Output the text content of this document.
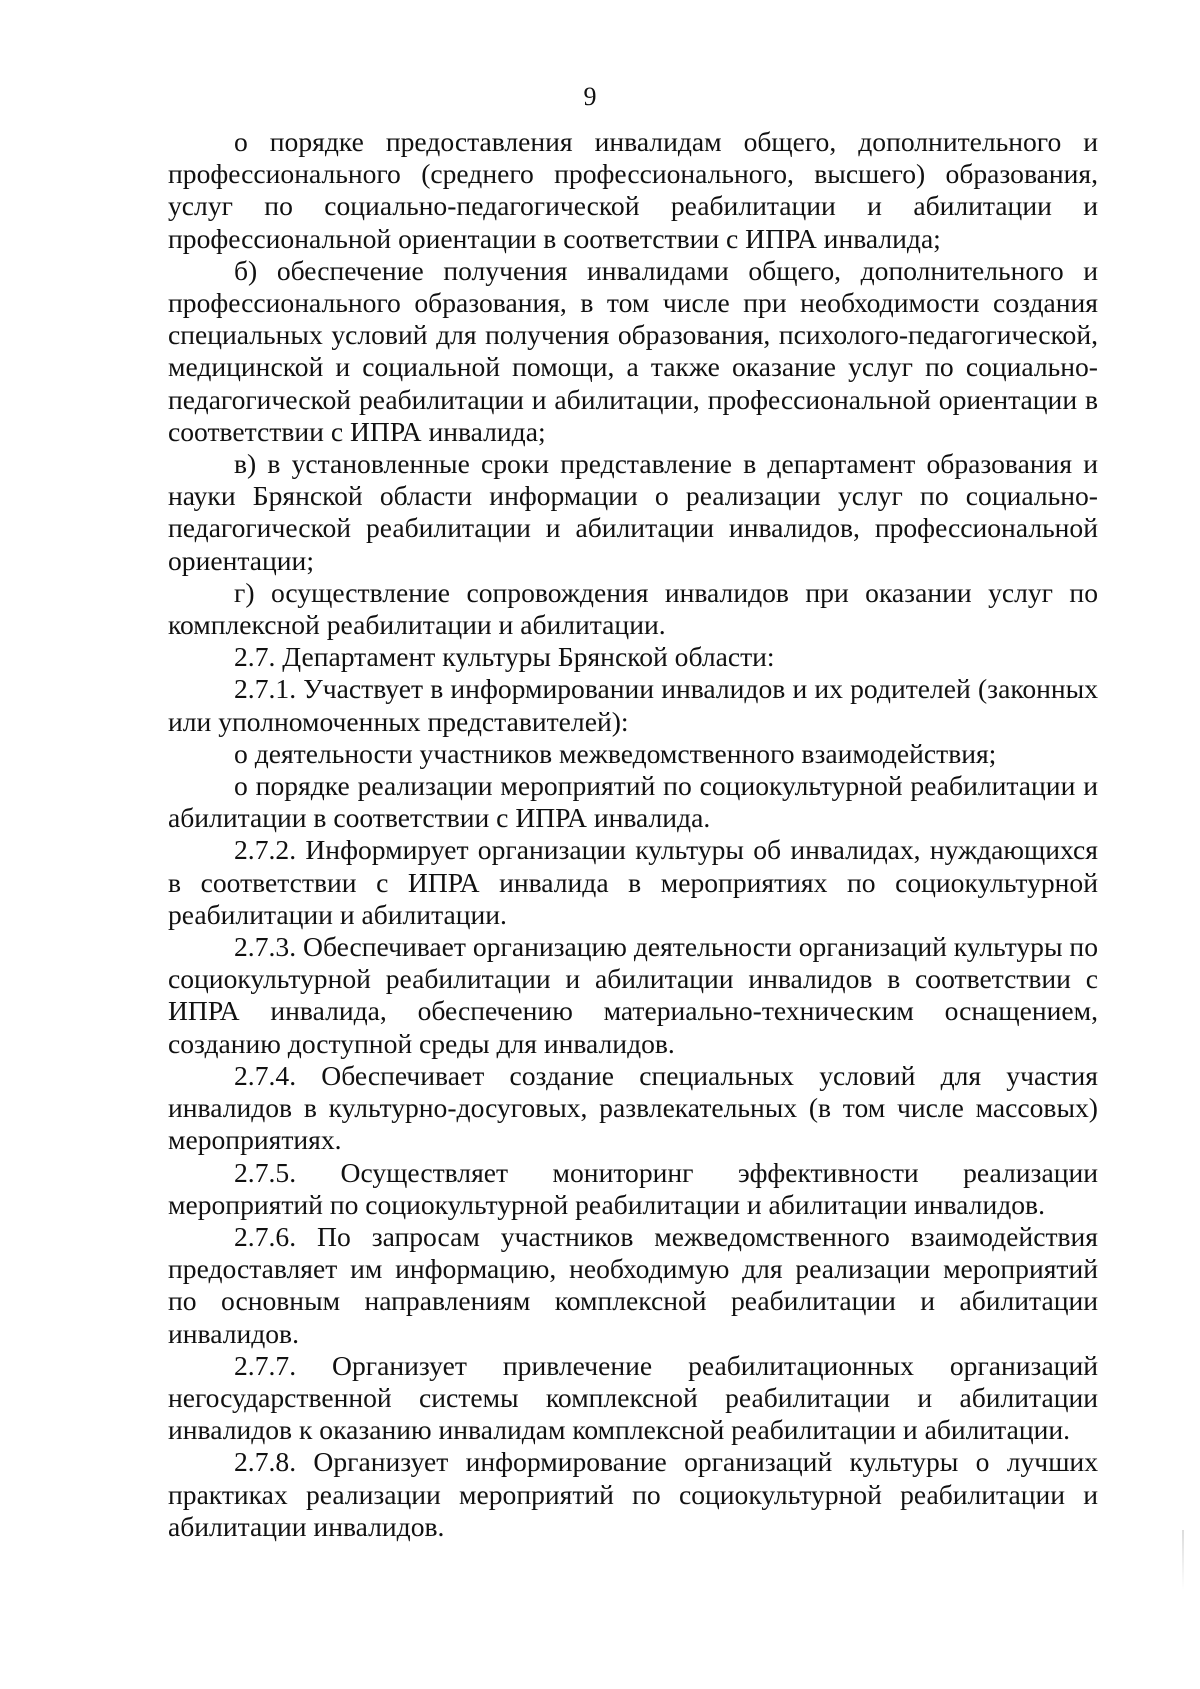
9

о порядке предоставления инвалидам общего, дополнительного и профессионального (среднего профессионального, высшего) образования, услуг по социально-педагогической реабилитации и абилитации и профессиональной ориентации в соответствии с ИПРА инвалида;

б) обеспечение получения инвалидами общего, дополнительного и профессионального образования, в том числе при необходимости создания специальных условий для получения образования, психолого-педагогической, медицинской и социальной помощи, а также оказание услуг по социально-педагогической реабилитации и абилитации, профессиональной ориентации в соответствии с ИПРА инвалида;

в) в установленные сроки представление в департамент образования и науки Брянской области информации о реализации услуг по социально-педагогической реабилитации и абилитации инвалидов, профессиональной ориентации;

г) осуществление сопровождения инвалидов при оказании услуг по комплексной реабилитации и абилитации.

2.7. Департамент культуры Брянской области:

2.7.1. Участвует в информировании инвалидов и их родителей (законных или уполномоченных представителей):

о деятельности участников межведомственного взаимодействия;

о порядке реализации мероприятий по социокультурной реабилитации и абилитации в соответствии с ИПРА инвалида.

2.7.2. Информирует организации культуры об инвалидах, нуждающихся в соответствии с ИПРА инвалида в мероприятиях по социокультурной реабилитации и абилитации.

2.7.3. Обеспечивает организацию деятельности организаций культуры по социокультурной реабилитации и абилитации инвалидов в соответствии с ИПРА инвалида, обеспечению материально-техническим оснащением, созданию доступной среды для инвалидов.

2.7.4. Обеспечивает создание специальных условий для участия инвалидов в культурно-досуговых, развлекательных (в том числе массовых) мероприятиях.

2.7.5. Осуществляет мониторинг эффективности реализации мероприятий по социокультурной реабилитации и абилитации инвалидов.

2.7.6. По запросам участников межведомственного взаимодействия предоставляет им информацию, необходимую для реализации мероприятий по основным направлениям комплексной реабилитации и абилитации инвалидов.

2.7.7. Организует привлечение реабилитационных организаций негосударственной системы комплексной реабилитации и абилитации инвалидов к оказанию инвалидам комплексной реабилитации и абилитации.

2.7.8. Организует информирование организаций культуры о лучших практиках реализации мероприятий по социокультурной реабилитации и абилитации инвалидов.
